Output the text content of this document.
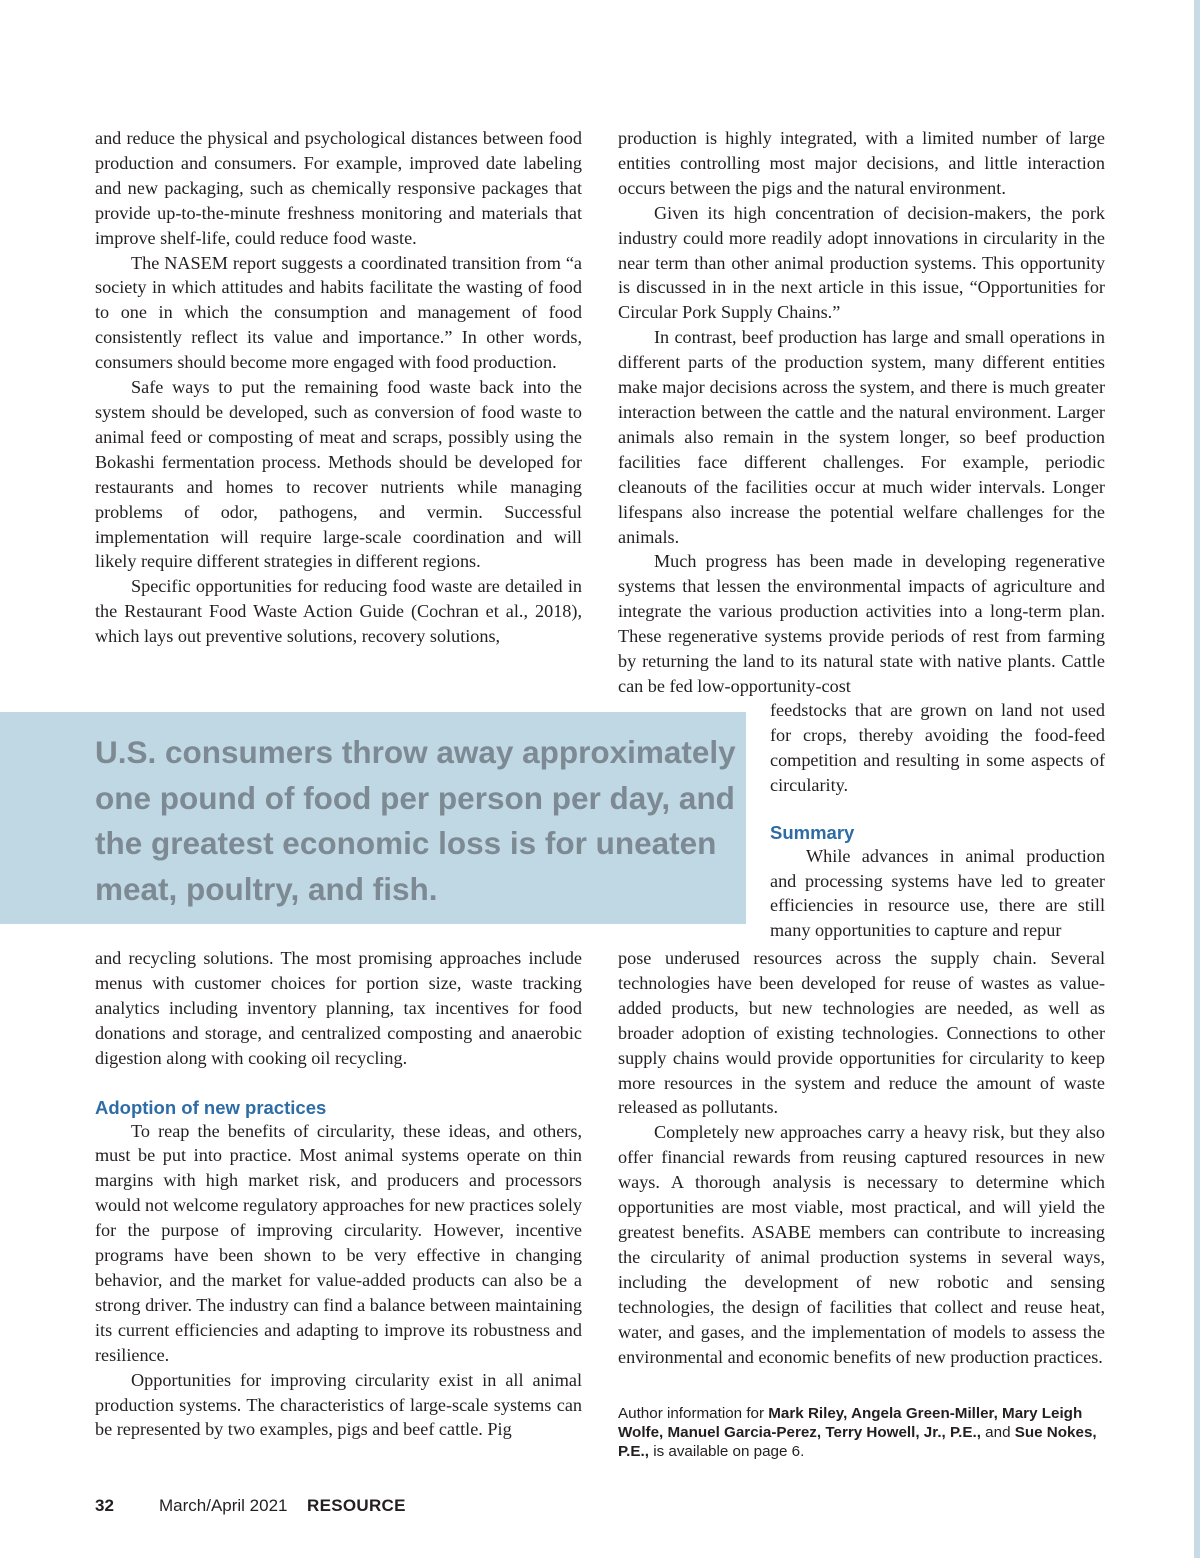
and reduce the physical and psychological distances between food production and consumers. For example, improved date labeling and new packaging, such as chemically responsive packages that provide up-to-the-minute freshness monitoring and materials that improve shelf-life, could reduce food waste.

The NASEM report suggests a coordinated transition from “a society in which attitudes and habits facilitate the wasting of food to one in which the consumption and management of food consistently reflect its value and importance.” In other words, consumers should become more engaged with food production.

Safe ways to put the remaining food waste back into the system should be developed, such as conversion of food waste to animal feed or composting of meat and scraps, possibly using the Bokashi fermentation process. Methods should be developed for restaurants and homes to recover nutrients while managing problems of odor, pathogens, and vermin. Successful implementation will require large-scale coordination and will likely require different strategies in different regions.

Specific opportunities for reducing food waste are detailed in the Restaurant Food Waste Action Guide (Cochran et al., 2018), which lays out preventive solutions, recovery solutions,

U.S. consumers throw away approximately one pound of food per person per day, and the greatest economic loss is for uneaten meat, poultry, and fish.

and recycling solutions. The most promising approaches include menus with customer choices for portion size, waste tracking analytics including inventory planning, tax incentives for food donations and storage, and centralized composting and anaerobic digestion along with cooking oil recycling.

Adoption of new practices

To reap the benefits of circularity, these ideas, and others, must be put into practice. Most animal systems operate on thin margins with high market risk, and producers and processors would not welcome regulatory approaches for new practices solely for the purpose of improving circularity. However, incentive programs have been shown to be very effective in changing behavior, and the market for value-added products can also be a strong driver. The industry can find a balance between maintaining its current efficiencies and adapting to improve its robustness and resilience.

Opportunities for improving circularity exist in all animal production systems. The characteristics of large-scale systems can be represented by two examples, pigs and beef cattle. Pig

production is highly integrated, with a limited number of large entities controlling most major decisions, and little interaction occurs between the pigs and the natural environment.

Given its high concentration of decision-makers, the pork industry could more readily adopt innovations in circularity in the near term than other animal production systems. This opportunity is discussed in in the next article in this issue, “Opportunities for Circular Pork Supply Chains.”

In contrast, beef production has large and small operations in different parts of the production system, many different entities make major decisions across the system, and there is much greater interaction between the cattle and the natural environment. Larger animals also remain in the system longer, so beef production facilities face different challenges. For example, periodic cleanouts of the facilities occur at much wider intervals. Longer lifespans also increase the potential welfare challenges for the animals.

Much progress has been made in developing regenerative systems that lessen the environmental impacts of agriculture and integrate the various production activities into a long-term plan. These regenerative systems provide periods of rest from farming by returning the land to its natural state with native plants. Cattle can be fed low-opportunity-cost

feedstocks that are grown on land not used for crops, thereby avoiding the food-feed competition and resulting in some aspects of circularity.

Summary

While advances in animal production and processing systems have led to greater efficiencies in resource use, there are still many opportunities to capture and repur

pose underused resources across the supply chain. Several technologies have been developed for reuse of wastes as value-added products, but new technologies are needed, as well as broader adoption of existing technologies. Connections to other supply chains would provide opportunities for circularity to keep more resources in the system and reduce the amount of waste released as pollutants.

Completely new approaches carry a heavy risk, but they also offer financial rewards from reusing captured resources in new ways. A thorough analysis is necessary to determine which opportunities are most viable, most practical, and will yield the greatest benefits. ASABE members can contribute to increasing the circularity of animal production systems in several ways, including the development of new robotic and sensing technologies, the design of facilities that collect and reuse heat, water, and gases, and the implementation of models to assess the environmental and economic benefits of new production practices.

Author information for Mark Riley, Angela Green-Miller, Mary Leigh Wolfe, Manuel Garcia-Perez, Terry Howell, Jr., P.E., and Sue Nokes, P.E., is available on page 6.
32	March/April 2021 RESOURCE
